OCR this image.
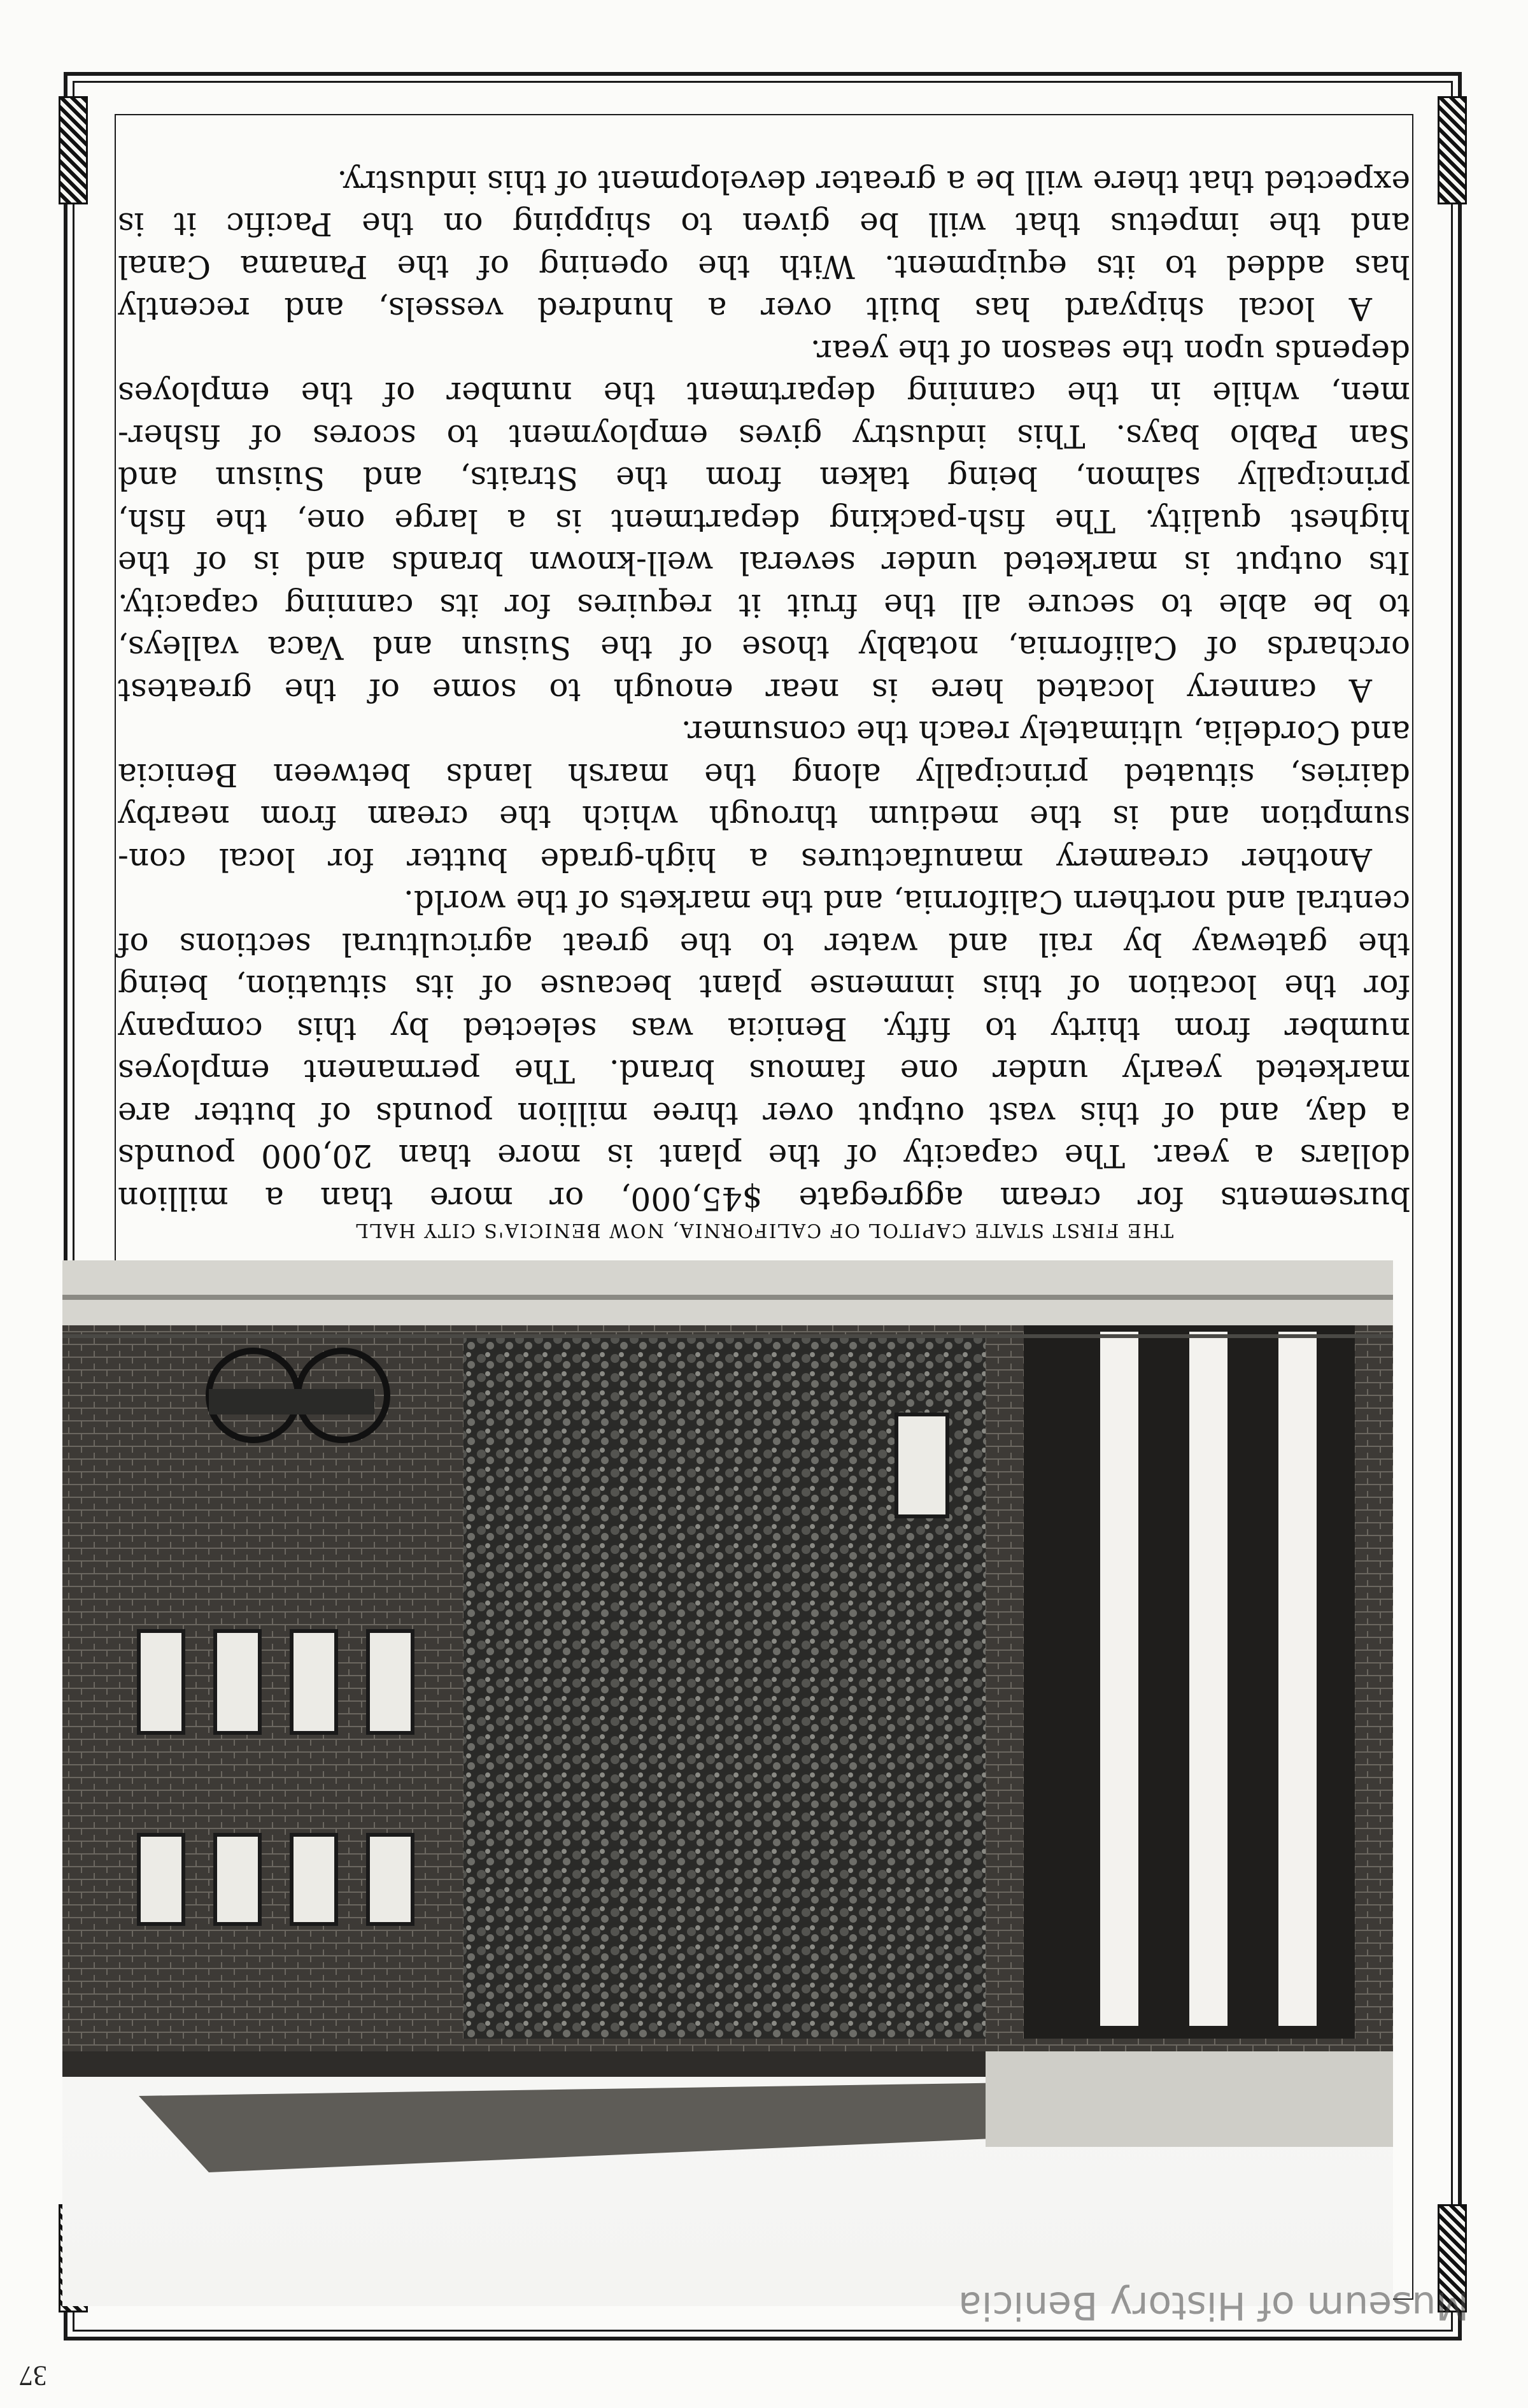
37
THE FIRST STATE CAPITOL OF CALIFORNIA, NOW BENICIA'S CITY HALL
bursements for cream aggregate $45,000, or more than a million
dollars a year. The capacity of the plant is more than 20,000 pounds
a day, and of this vast output over three million pounds of butter are
marketed yearly under one famous brand. The permanent employes
number from thirty to fifty. Benicia was selected by this company
for the location of this immense plant because of its situation, being
the gateway by rail and water to the great agricultural sections of
central and northern California, and the markets of the world.
Another creamery manufactures a high-grade butter for local con-
sumption and is the medium through which the cream from nearby
dairies, situated principally along the marsh lands between Benicia
and Cordelia, ultimately reach the consumer.
A cannery located here is near enough to some of the greatest
orchards of California, notably those of the Suisun and Vaca valleys,
to be able to secure all the fruit it requires for its canning capacity.
Its output is marketed under several well-known brands and is of the
highest quality. The fish-packing department is a large one, the fish,
principally salmon, being taken from the Straits, and Suisun and
San Pablo bays. This industry gives employment to scores of fisher-
men, while in the canning department the number of the employes
depends upon the season of the year.
A local shipyard has built over a hundred vessels, and recently
has added to its equipment. With the opening of the Panama Canal
and the impetus that will be given to shipping on the Pacific it is
expected that there will be a greater development of this industry.
Museum of History Benicia
